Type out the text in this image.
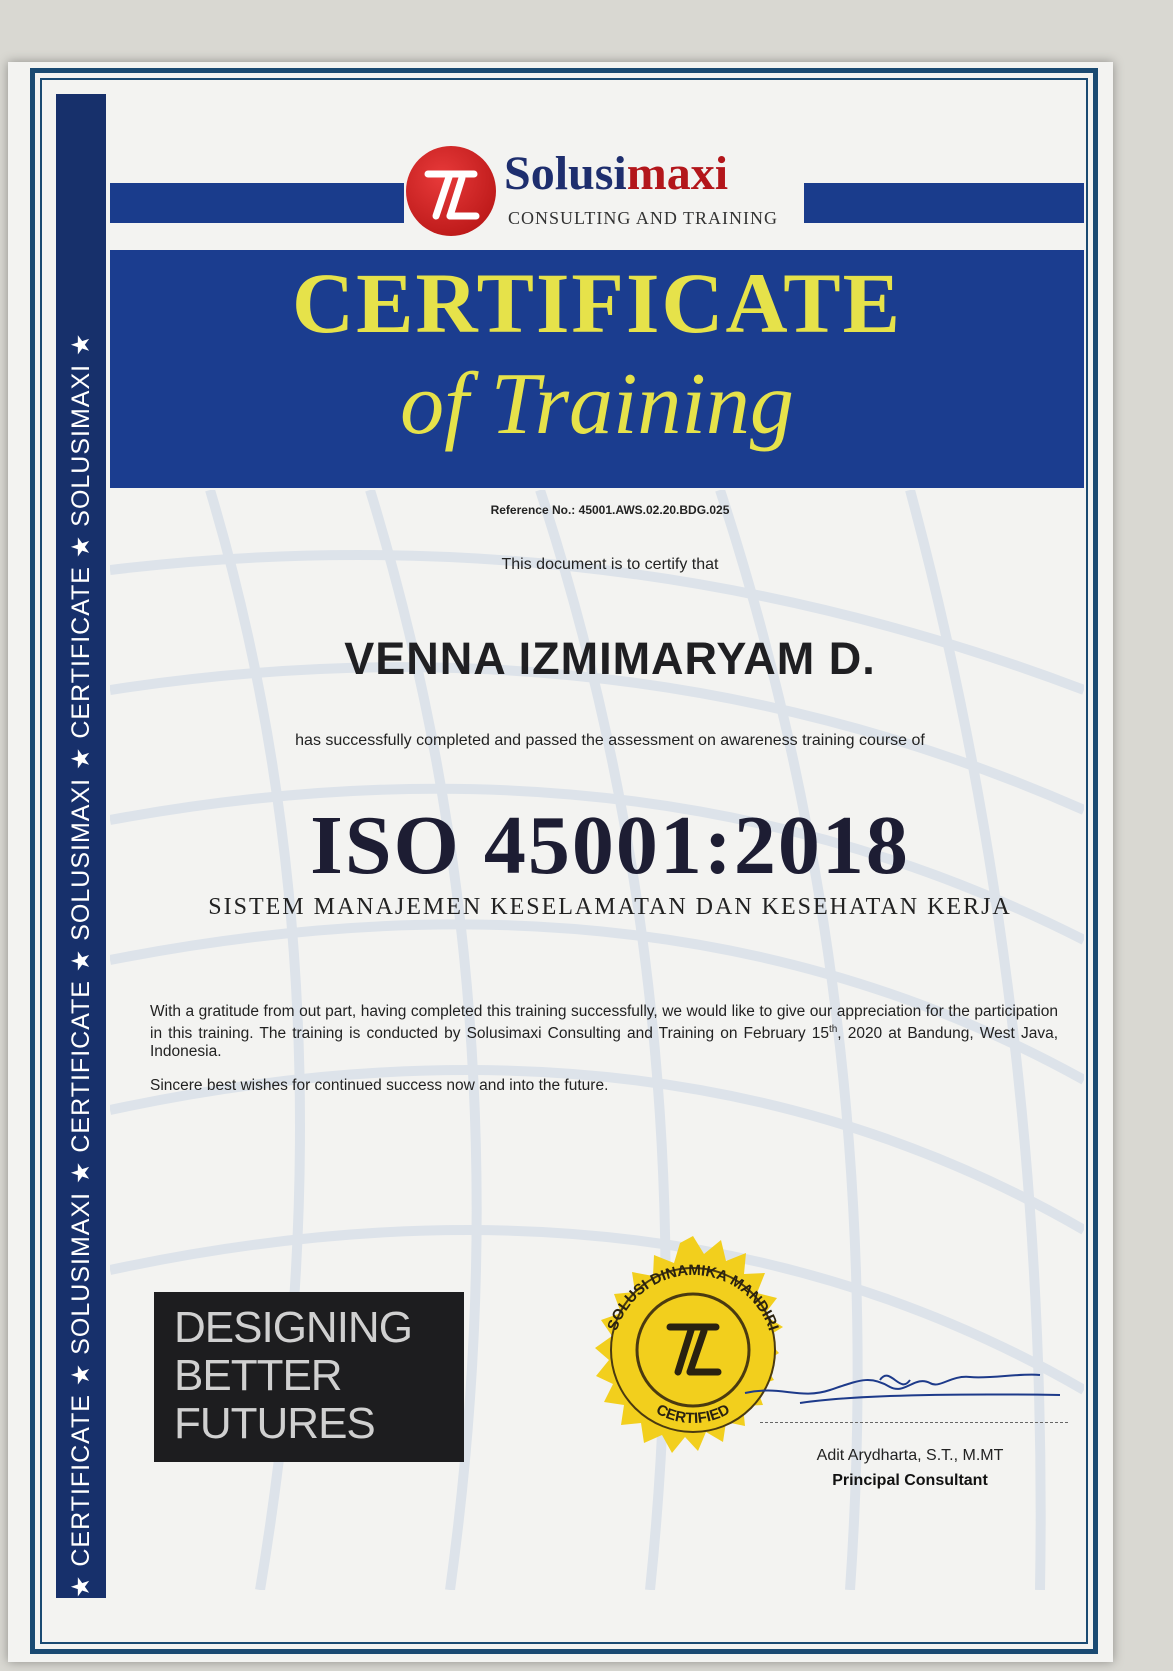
★ CERTIFICATE ★ SOLUSIMAXI ★ CERTIFICATE ★ SOLUSIMAXI ★ CERTIFICATE ★ SOLUSIMAXI ★
Solusimaxi
CONSULTING AND TRAINING
CERTIFICATE
of Training
Reference No.: 45001.AWS.02.20.BDG.025
This document is to certify that
VENNA IZMIMARYAM D.
has successfully completed and passed the assessment on awareness training course of
ISO 45001:2018
SISTEM MANAJEMEN KESELAMATAN DAN KESEHATAN KERJA
With a gratitude from out part, having completed this training successfully, we would like to give our appreciation for the participation in this training. The training is conducted by Solusimaxi Consulting and Training on February 15th, 2020 at Bandung, West Java, Indonesia.
Sincere best wishes for continued success now and into the future.
DESIGNING
BETTER
FUTURES
SOLUSI DINAMIKA MANDIRI
CERTIFIED
Adit Arydharta, S.T., M.MT
Principal Consultant
